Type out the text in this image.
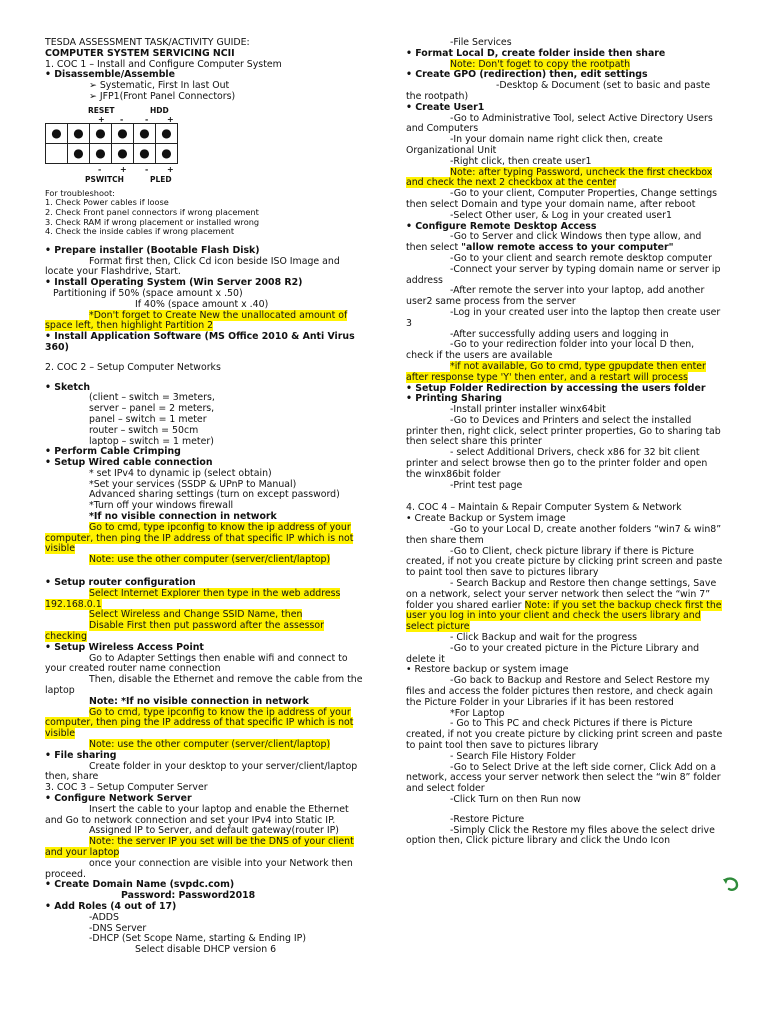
TESDA ASSESSMENT TASK/ACTIVITY GUIDE:
COMPUTER SYSTEM SERVICING NCII
1. COC 1 – Install and Configure Computer System
• Disassemble/Assemble
➢ Systematic, First In last Out
➢ JFP1(Front Panel Connectors)
RESET	HDD
+ -	- +
●	●	●	●	●	●
	●	●	●	●	●
- + - +
PSWITCH	PLED
For troubleshoot:
1. Check Power cables if loose
2. Check Front panel connectors if wrong placement
3. Check RAM if wrong placement or installed wrong
4. Check the inside cables if wrong placement
• Prepare installer (Bootable Flash Disk)
Format first then, Click Cd icon beside ISO Image and locate your Flashdrive, Start.
• Install Operating System (Win Server 2008 R2)
Partitioning if 50% (space amount x .50)
If 40% (space amount x .40)
*Don't forget to Create New the unallocated amount of space left, then highlight Partition 2
• Install Application Software (MS Office 2010 & Anti Virus 360)
2. COC 2 – Setup Computer Networks
• Sketch
(client – switch = 3meters,
server – panel = 2 meters,
panel – switch = 1 meter
router – switch = 50cm
laptop – switch = 1 meter)
• Perform Cable Crimping
• Setup Wired cable connection
* set IPv4 to dynamic ip (select obtain)
*Set your services (SSDP & UPnP to Manual)
Advanced sharing settings (turn on except password)
*Turn off your windows firewall
*If no visible connection in network
Go to cmd, type ipconfig to know the ip address of your computer, then ping the IP address of that specific IP which is not visible
Note: use the other computer (server/client/laptop)
• Setup router configuration
Select Internet Explorer then type in the web address 192.168.0.1
Select Wireless and Change SSID Name, then
Disable First then put password after the assessor checking
• Setup Wireless Access Point
Go to Adapter Settings then enable wifi and connect to your created router name connection
Then, disable the Ethernet and remove the cable from the laptop
Note: *If no visible connection in network
Go to cmd, type ipconfig to know the ip address of your computer, then ping the IP address of that specific IP which is not visible
Note: use the other computer (server/client/laptop)
• File sharing
Create folder in your desktop to your server/client/laptop then, share
3. COC 3 – Setup Computer Server
• Configure Network Server
Insert the cable to your laptop and enable the Ethernet and Go to network connection and set your IPv4 into Static IP.
Assigned IP to Server, and default gateway(router IP)
Note: the server IP you set will be the DNS of your client and your laptop
once your connection are visible into your Network then proceed.
• Create Domain Name (svpdc.com)
Password: Password2018
• Add Roles (4 out of 17)
-ADDS
-DNS Server
-DHCP (Set Scope Name, starting & Ending IP)
Select disable DHCP version 6
-File Services
• Format Local D, create folder inside then share
Note: Don't foget to copy the rootpath
• Create GPO (redirection) then, edit settings
-Desktop & Document (set to basic and paste the rootpath)
• Create User1
-Go to Administrative Tool, select Active Directory Users and Computers
-In your domain name right click then, create Organizational Unit
-Right click, then create user1
Note: after typing Password, uncheck the first checkbox and check the next 2 checkbox at the center
-Go to your client, Computer Properties, Change settings then select Domain and type your domain name, after reboot
-Select Other user, & Log in your created user1
• Configure Remote Desktop Access
-Go to Server and click Windows then type allow, and then select "allow remote access to your computer"
-Go to your client and search remote desktop computer
-Connect your server by typing domain name or server ip address
-After remote the server into your laptop, add another user2 same process from the server
-Log in your created user into the laptop then create user 3
-After successfully adding users and logging in
-Go to your redirection folder into your local D then, check if the users are available
*if not available, Go to cmd, type gpupdate then enter after response type 'Y' then enter, and a restart will process
• Setup Folder Redirection by accessing the users folder
• Printing Sharing
-Install printer installer winx64bit
-Go to Devices and Printers and select the installed printer then, right click, select printer properties, Go to sharing tab then select share this printer
- select Additional Drivers, check x86 for 32 bit client printer and select browse then go to the printer folder and open the winx86bit folder
-Print test page
4. COC 4 – Maintain & Repair Computer System & Network
• Create Backup or System image
-Go to your Local D, create another folders “win7 & win8” then share them
-Go to Client, check picture library if there is Picture created, if not you create picture by clicking print screen and paste to paint tool then save to pictures library
- Search Backup and Restore then change settings, Save on a network, select your server network then select the “win 7” folder you shared earlier Note: if you set the backup check first the user you log in into your client and check the users library and select picture
- Click Backup and wait for the progress
-Go to your created picture in the Picture Library and delete it
• Restore backup or system image
-Go back to Backup and Restore and Select Restore my files and access the folder pictures then restore, and check again the Picture Folder in your Libraries if it has been restored
*For Laptop
- Go to This PC and check Pictures if there is Picture created, if not you create picture by clicking print screen and paste to paint tool then save to pictures library
- Search File History Folder
-Go to Select Drive at the left side corner, Click Add on a network, access your server network then select the “win 8” folder and select folder
-Click Turn on then Run now
-Restore Picture
-Simply Click the Restore my files above the select drive option then, Click picture library and click the Undo Icon
